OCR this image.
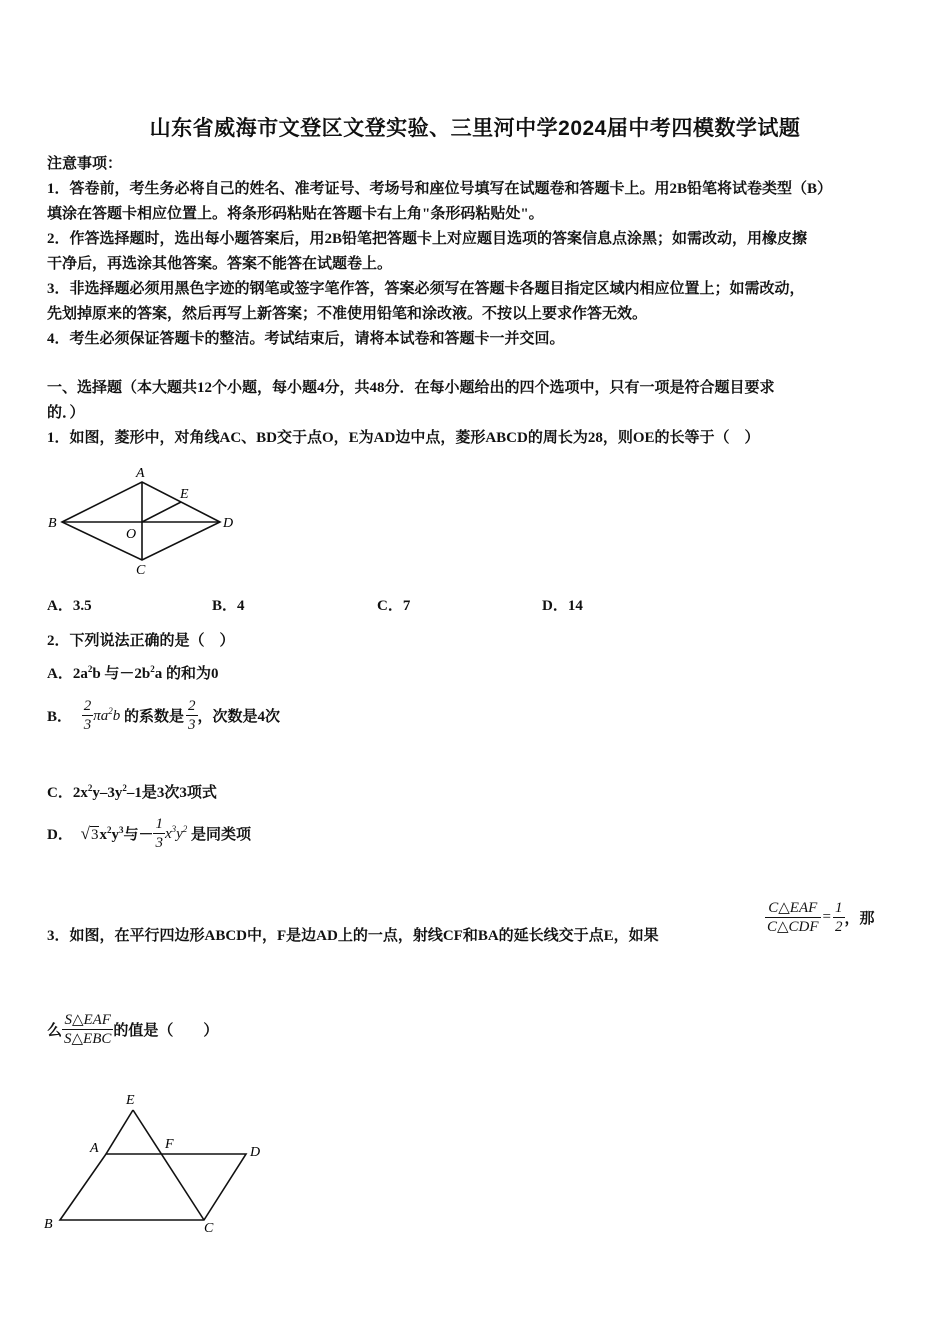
山东省威海市文登区文登实验、三里河中学2024届中考四模数学试题
注意事项：
1．答卷前，考生务必将自己的姓名、准考证号、考场号和座位号填写在试题卷和答题卡上。用2B铅笔将试卷类型（B）
填涂在答题卡相应位置上。将条形码粘贴在答题卡右上角"条形码粘贴处"。
2．作答选择题时，选出每小题答案后，用2B铅笔把答题卡上对应题目选项的答案信息点涂黑；如需改动，用橡皮擦
干净后，再选涂其他答案。答案不能答在试题卷上。
3．非选择题必须用黑色字迹的钢笔或签字笔作答，答案必须写在答题卡各题目指定区域内相应位置上；如需改动，
先划掉原来的答案，然后再写上新答案；不准使用铅笔和涂改液。不按以上要求作答无效。
4．考生必须保证答题卡的整洁。考试结束后，请将本试卷和答题卡一并交回。
一、选择题（本大题共12个小题，每小题4分，共48分．在每小题给出的四个选项中，只有一项是符合题目要求
的．）
1．如图，菱形中，对角线AC、BD交于点O，E为AD边中点，菱形ABCD的周长为28，则OE的长等于（　）
A
B
C
D
E
O
A．3.5	B．4	C．7	D．14
2．下列说法正确的是（　）
A．$2a^2b$ 与$-2b^2a$ 的和为0
B． $\frac{2}{3} \pi a^2b$ 的系数是 $\frac{2}{3}$ ，次数是4次
C．$2x^2y-3y^2-1$是3次3项式
D． $√3x^2y^3$与－ $\frac{1}{3} x^3y^2$ 是同类项
3．如图，在平行四边形ABCD中，F是边AD上的一点，射线CF和BA的延长线交于点E，如果	$\frac{\text{C△EAF}}{\text{C△CDF}} = \frac{1}{2}$ ，那
么 $\frac{\text{S△EAF}}{\text{S△EBC}}$ 的值是（　　）
E
A	F
D
B	C
